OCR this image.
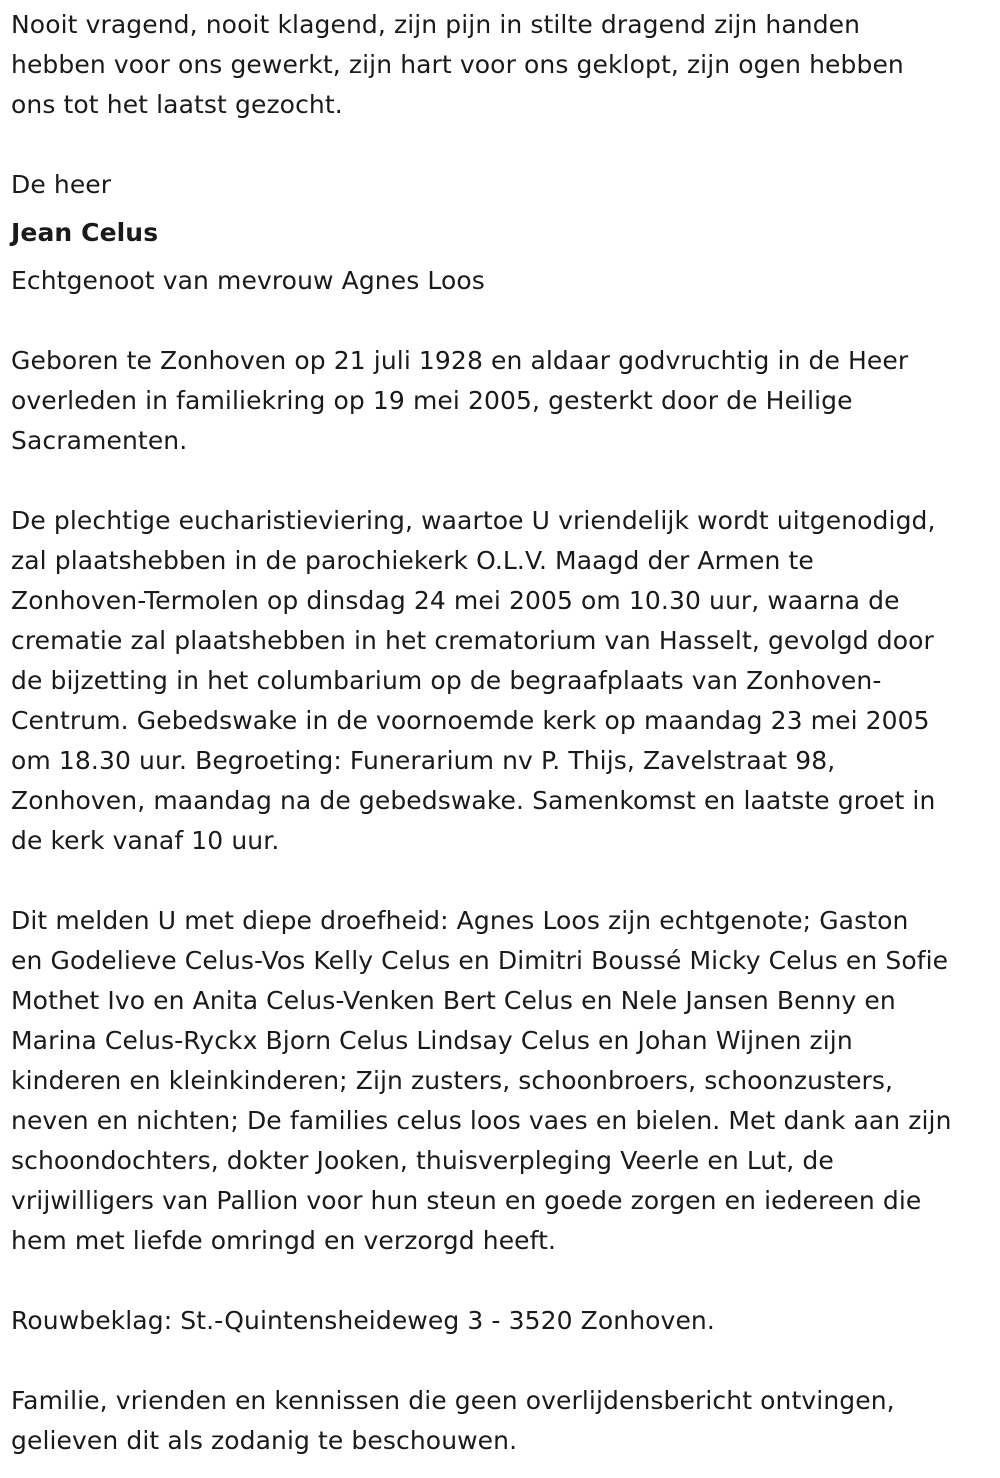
Nooit vragend, nooit klagend, zijn pijn in stilte dragend zijn handen
hebben voor ons gewerkt, zijn hart voor ons geklopt, zijn ogen hebben
ons tot het laatst gezocht.
De heer
Jean Celus
Echtgenoot van mevrouw Agnes Loos
Geboren te Zonhoven op 21 juli 1928 en aldaar godvruchtig in de Heer
overleden in familiekring op 19 mei 2005, gesterkt door de Heilige
Sacramenten.
De plechtige eucharistieviering, waartoe U vriendelijk wordt uitgenodigd,
zal plaatshebben in de parochiekerk O.L.V. Maagd der Armen te
Zonhoven-Termolen op dinsdag 24 mei 2005 om 10.30 uur, waarna de
crematie zal plaatshebben in het crematorium van Hasselt, gevolgd door
de bijzetting in het columbarium op de begraafplaats van Zonhoven-
Centrum. Gebedswake in de voornoemde kerk op maandag 23 mei 2005
om 18.30 uur. Begroeting: Funerarium nv P. Thijs, Zavelstraat 98,
Zonhoven, maandag na de gebedswake. Samenkomst en laatste groet in
de kerk vanaf 10 uur.
Dit melden U met diepe droefheid: Agnes Loos zijn echtgenote; Gaston
en Godelieve Celus-Vos Kelly Celus en Dimitri Boussé Micky Celus en Sofie
Mothet Ivo en Anita Celus-Venken Bert Celus en Nele Jansen Benny en
Marina Celus-Ryckx Bjorn Celus Lindsay Celus en Johan Wijnen zijn
kinderen en kleinkinderen; Zijn zusters, schoonbroers, schoonzusters,
neven en nichten; De families celus loos vaes en bielen. Met dank aan zijn
schoondochters, dokter Jooken, thuisverpleging Veerle en Lut, de
vrijwilligers van Pallion voor hun steun en goede zorgen en iedereen die
hem met liefde omringd en verzorgd heeft.
Rouwbeklag: St.-Quintensheideweg 3 - 3520 Zonhoven.
Familie, vrienden en kennissen die geen overlijdensbericht ontvingen,
gelieven dit als zodanig te beschouwen.
